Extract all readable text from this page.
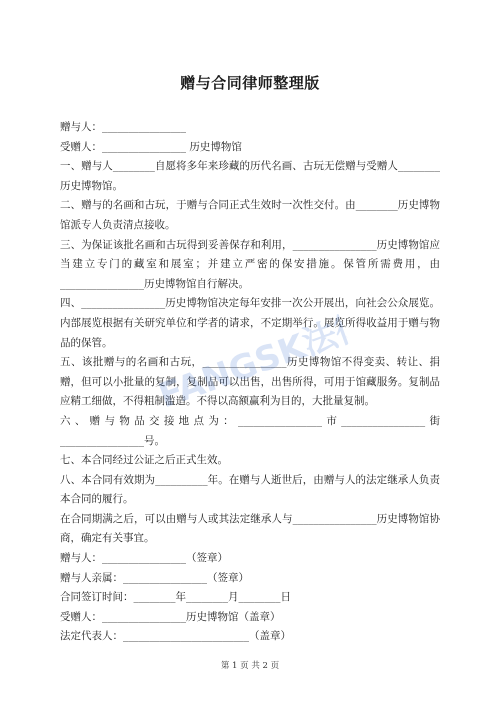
赠与合同律师整理版

赠与人：________________

受赠人：________________ 历史博物馆

一、赠与人________自愿将多年来珍藏的历代名画、古玩无偿赠与受赠人________历史博物馆。

二、赠与的名画和古玩，于赠与合同正式生效时一次性交付。由________历史博物馆派专人负责清点接收。

三、为保证该批名画和古玩得到妥善保存和利用，________________历史博物馆应当建立专门的藏室和展室；并建立严密的保安措施。保管所需费用，由________________历史博物馆自行解决。

四、________________历史博物馆决定每年安排一次公开展出，向社会公众展览。内部展览根据有关研究单位和学者的请求，不定期举行。展览所得收益用于赠与物品的保管。

五、该批赠与的名画和古玩，________________历史博物馆不得变卖、转让、捐赠，但可以小批量的复制，复制品可以出售，出售所得，可用于馆藏服务。复制品应精工细做，不得粗制滥造。不得以高额赢利为目的，大批量复制。

六、赠与物品交接地点为：________________市________________街________________号。

七、本合同经过公证之后正式生效。

八、本合同有效期为__________年。在赠与人逝世后，由赠与人的法定继承人负责本合同的履行。

在合同期满之后，可以由赠与人或其法定继承人与________________历史博物馆协商，确定有关事宜。

赠与人：________________（签章）

赠与人亲属：________________（签章）

合同签订时间：________年________月________日

受赠人：________________历史博物馆（盖章）

法定代表人：________________________（盖章）

FANGSK法律网
第 1 页 共 2 页
